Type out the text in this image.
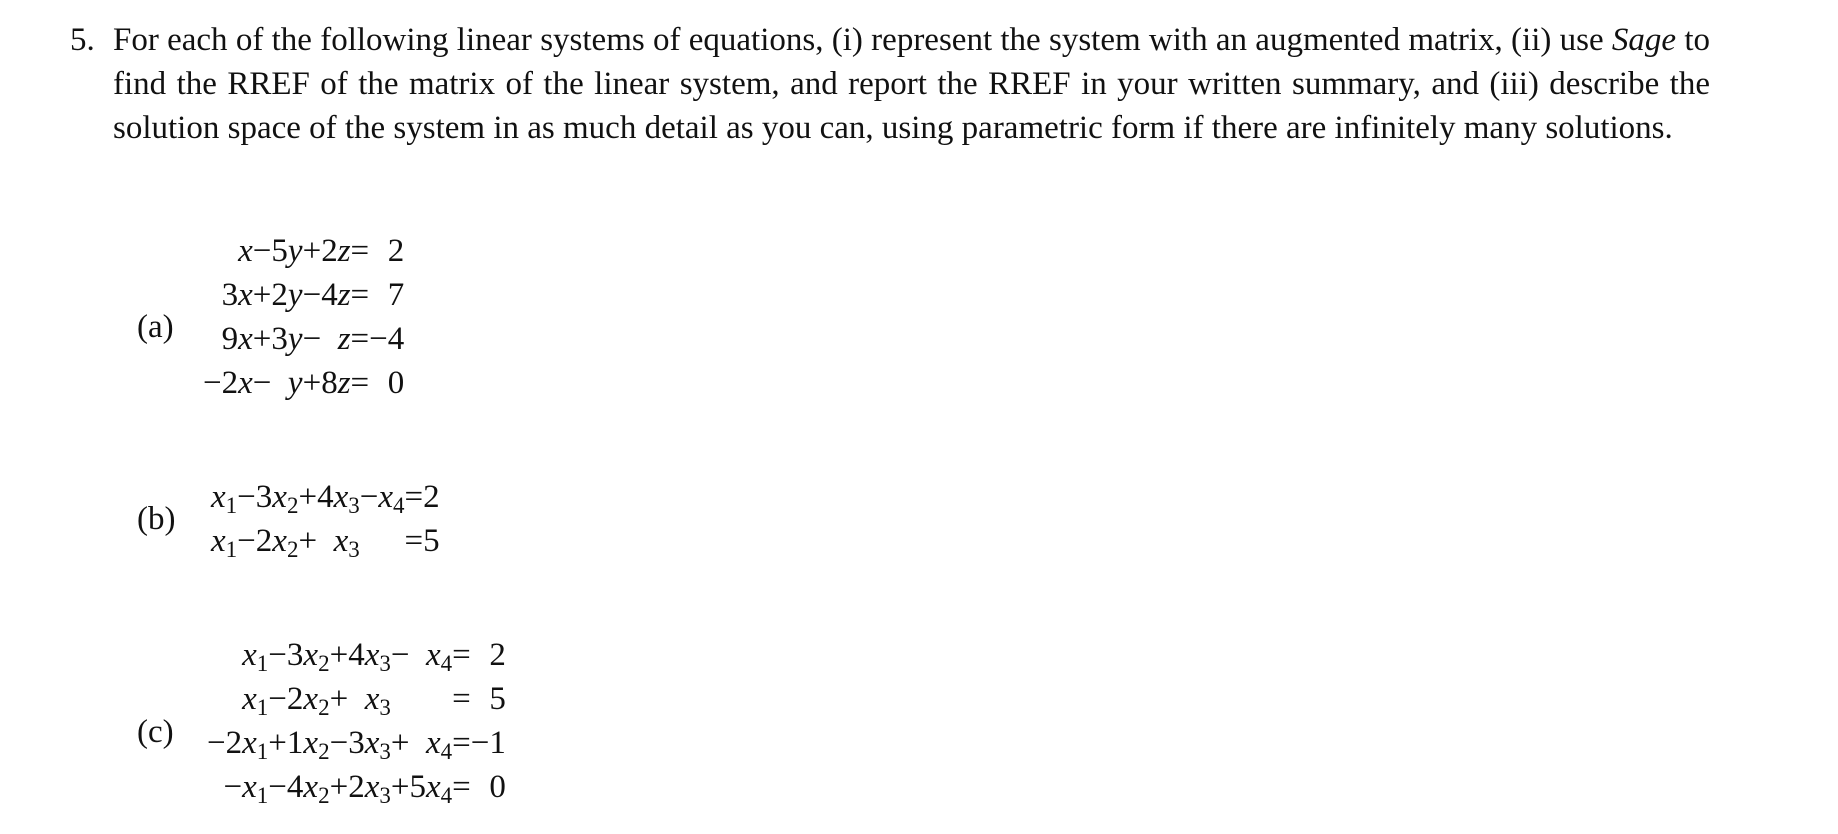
5. For each of the following linear systems of equations, (i) represent the system with an augmented matrix, (ii) use Sage to find the RREF of the matrix of the linear system, and report the RREF in your written summary, and (iii) describe the solution space of the system in as much detail as you can, using parametric form if there are infinitely many solutions.
(a)
x	−	5y	+	2z	=	2
3x	+	2y	−	4z	=	7
9x	+	3y	−	z	=	−4
−2x	−	y	+	8z	=	0
(b)
$x_1$	−	$3x_2$	+	$4x_3$	−	$x_4$	=	2
$x_1$	−	$2x_2$	+	$x_3$			=	5
(c)
$x_1$	−	$3x_2$	+	$4x_3$	−	$x_4$	=	2
$x_1$	−	$2x_2$	+	$x_3$			=	5
$-2x_1$	+	$1x_2$	−	$3x_3$	+	$x_4$	=	−1
$-x_1$	−	$4x_2$	+	$2x_3$	+	$5x_4$	=	0
